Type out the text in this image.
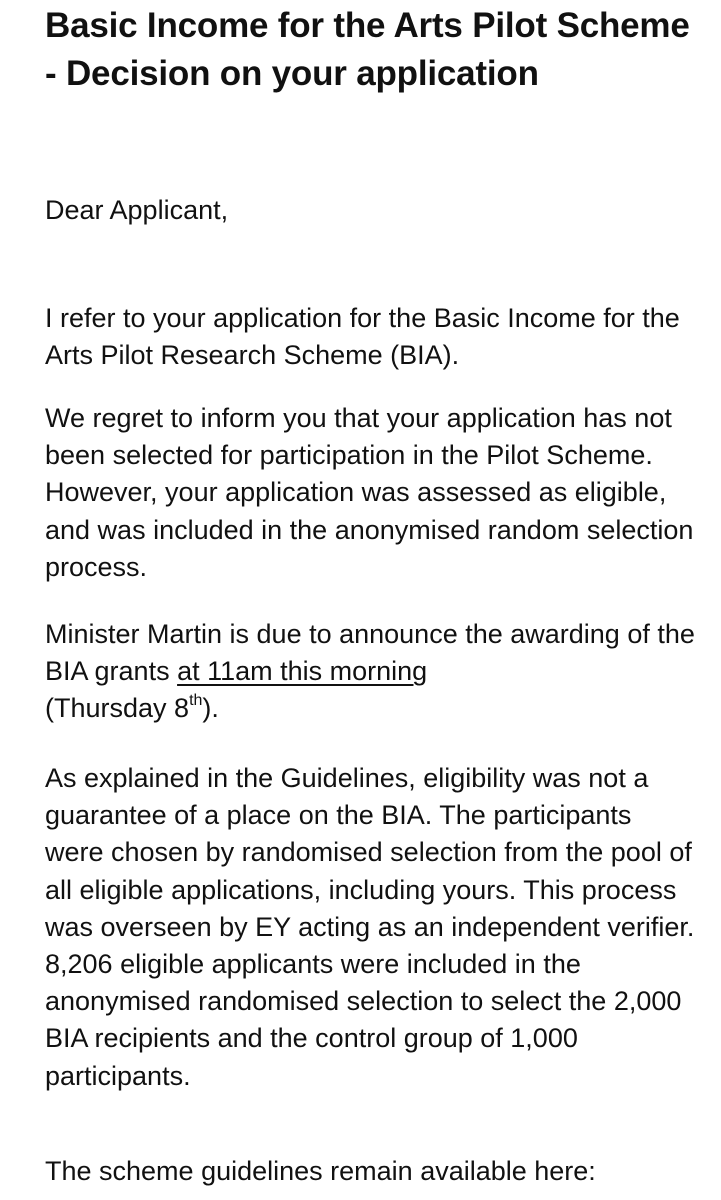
Basic Income for the Arts Pilot Scheme - Decision on your application

Dear Applicant,

I refer to your application for the Basic Income for the Arts Pilot Research Scheme (BIA).

We regret to inform you that your application has not been selected for participation in the Pilot Scheme. However, your application was assessed as eligible, and was included in the anonymised random selection process.

Minister Martin is due to announce the awarding of the BIA grants at 11am this morning
(Thursday 8th).

As explained in the Guidelines, eligibility was not a guarantee of a place on the BIA. The participants were chosen by randomised selection from the pool of all eligible applications, including yours. This process was overseen by EY acting as an independent verifier. 8,206 eligible applicants were included in the anonymised randomised selection to select the 2,000 BIA recipients and the control group of 1,000 participants.

The scheme guidelines remain available here:
